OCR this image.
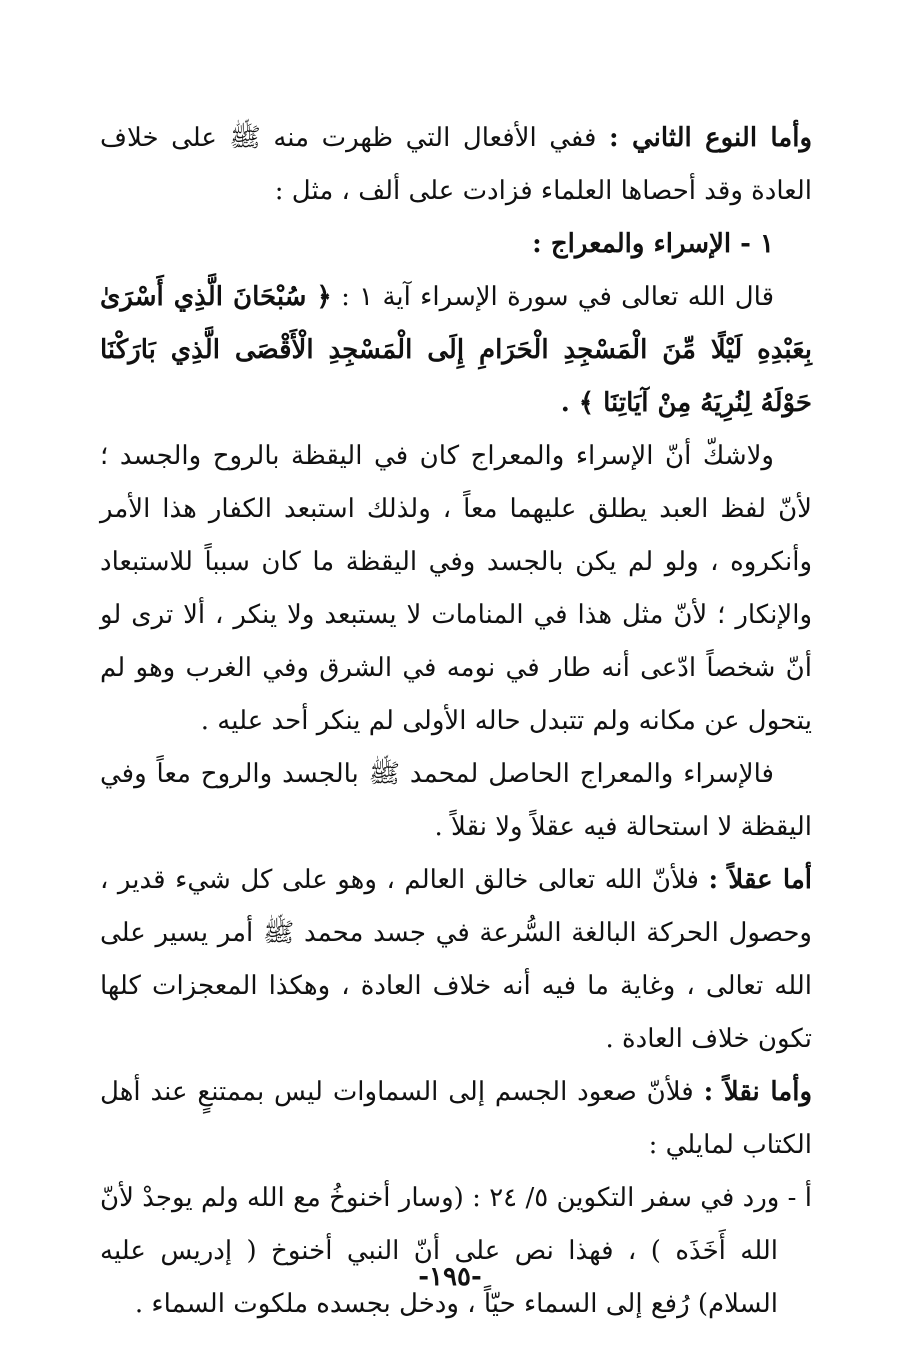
وأما النوع الثاني : ففي الأفعال التي ظهرت منه ﷺ على خلاف العادة وقد أحصاها العلماء فزادت على ألف ، مثل :

١ - الإسراء والمعراج :

قال الله تعالى في سورة الإسراء آية ١ : ﴿ سُبْحَانَ الَّذِي أَسْرَىٰ بِعَبْدِهِ لَيْلًا مِّنَ الْمَسْجِدِ الْحَرَامِ إِلَى الْمَسْجِدِ الْأَقْصَى الَّذِي بَارَكْنَا حَوْلَهُ لِنُرِيَهُ مِنْ آيَاتِنَا ﴾ .

ولاشكّ أنّ الإسراء والمعراج كان في اليقظة بالروح والجسد ؛ لأنّ لفظ العبد يطلق عليهما معاً ، ولذلك استبعد الكفار هذا الأمر وأنكروه ، ولو لم يكن بالجسد وفي اليقظة ما كان سبباً للاستبعاد والإنكار ؛ لأنّ مثل هذا في المنامات لا يستبعد ولا ينكر ، ألا ترى لو أنّ شخصاً ادّعى أنه طار في نومه في الشرق وفي الغرب وهو لم يتحول عن مكانه ولم تتبدل حاله الأولى لم ينكر أحد عليه .

فالإسراء والمعراج الحاصل لمحمد ﷺ بالجسد والروح معاً وفي اليقظة لا استحالة فيه عقلاً ولا نقلاً .

أما عقلاً : فلأنّ الله تعالى خالق العالم ، وهو على كل شيء قدير ، وحصول الحركة البالغة السُّرعة في جسد محمد ﷺ أمر يسير على الله تعالى ، وغاية ما فيه أنه خلاف العادة ، وهكذا المعجزات كلها تكون خلاف العادة .

وأما نقلاً : فلأنّ صعود الجسم إلى السماوات ليس بممتنعٍ عند أهل الكتاب لمايلي :

أ - ورد في سفر التكوين ٥/ ٢٤ : (وسار أخنوخُ مع الله ولم يوجدْ لأنّ الله أَخَذَه ) ، فهذا نص على أنّ النبي أخنوخ ( إدريس عليه السلام) رُفع إلى السماء حيّاً ، ودخل بجسده ملكوت السماء .

-١٩٥-
